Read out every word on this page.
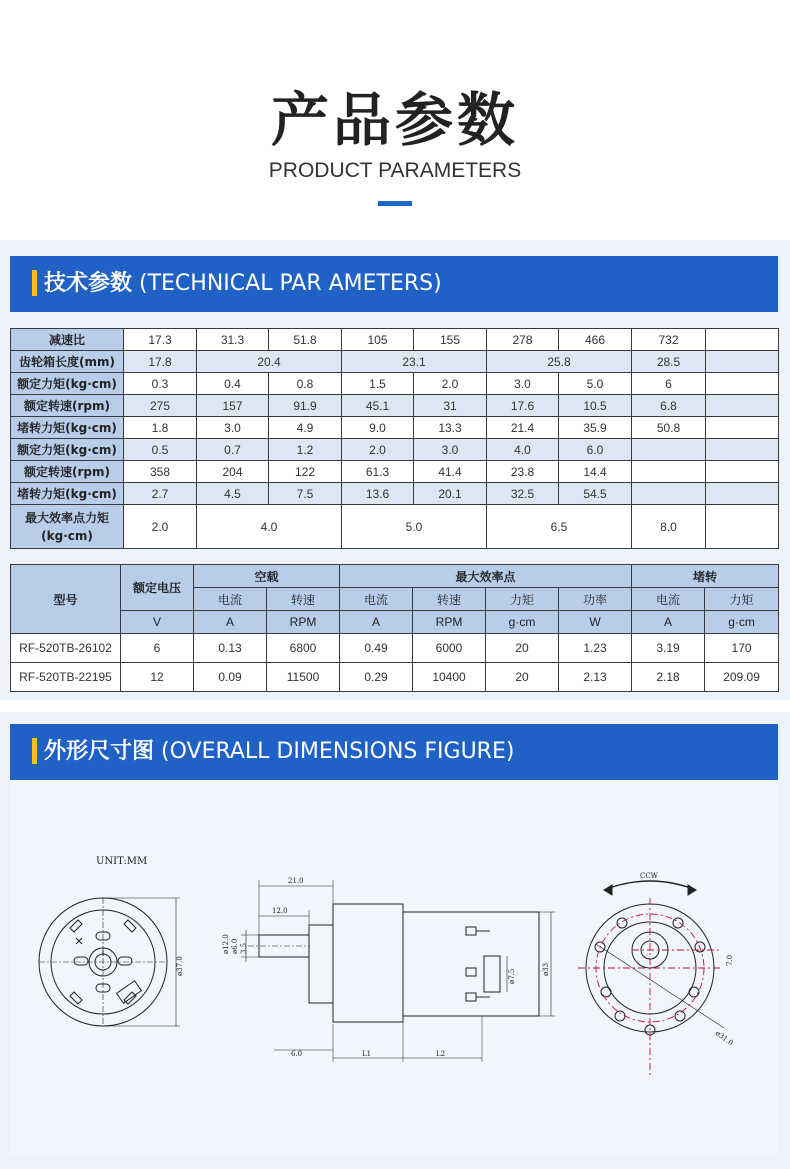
产品参数
PRODUCT PARAMETERS
技术参数 (TECHNICAL PAR AMETERS)
减速比	17.3	31.3	51.8	105	155	278	466	732	
齿轮箱长度(mm)	17.8	20.4		23.1		25.8		28.5	
额定力矩(kg·cm)	0.3	0.4	0.8	1.5	2.0	3.0	5.0	6	
额定转速(rpm)	275	157	91.9	45.1	31	17.6	10.5	6.8	
堵转力矩(kg·cm)	1.8	3.0	4.9	9.0	13.3	21.4	35.9	50.8	
额定力矩(kg·cm)	0.5	0.7	1.2	2.0	3.0	4.0	6.0		
额定转速(rpm)	358	204	122	61.3	41.4	23.8	14.4		
堵转力矩(kg·cm)	2.7	4.5	7.5	13.6	20.1	32.5	54.5		
最大效率点力矩
(kg·cm)	2.0	4.0		5.0		6.5		8.0	
型号	额定电压	空载		最大效率点				堵转	
		电流	转速	电流	转速	力矩	功率	电流	力矩
	V	A	RPM	A	RPM	g·cm	W	A	g·cm
RF-520TB-26102	6	0.13	6800	0.49	6000	20	1.23	3.19	170
RF-520TB-22195	12	0.09	11500	0.29	10400	20	2.13	2.18	209.09
外形尺寸图 (OVERALL DIMENSIONS FIGURE)
UNIT:MM
ø37.0
21.0
12.0
ø12.0 ø6.0 3.5
6.0	L1	L2
ø7.5	ø33
CCW
7.0
ø31.0
